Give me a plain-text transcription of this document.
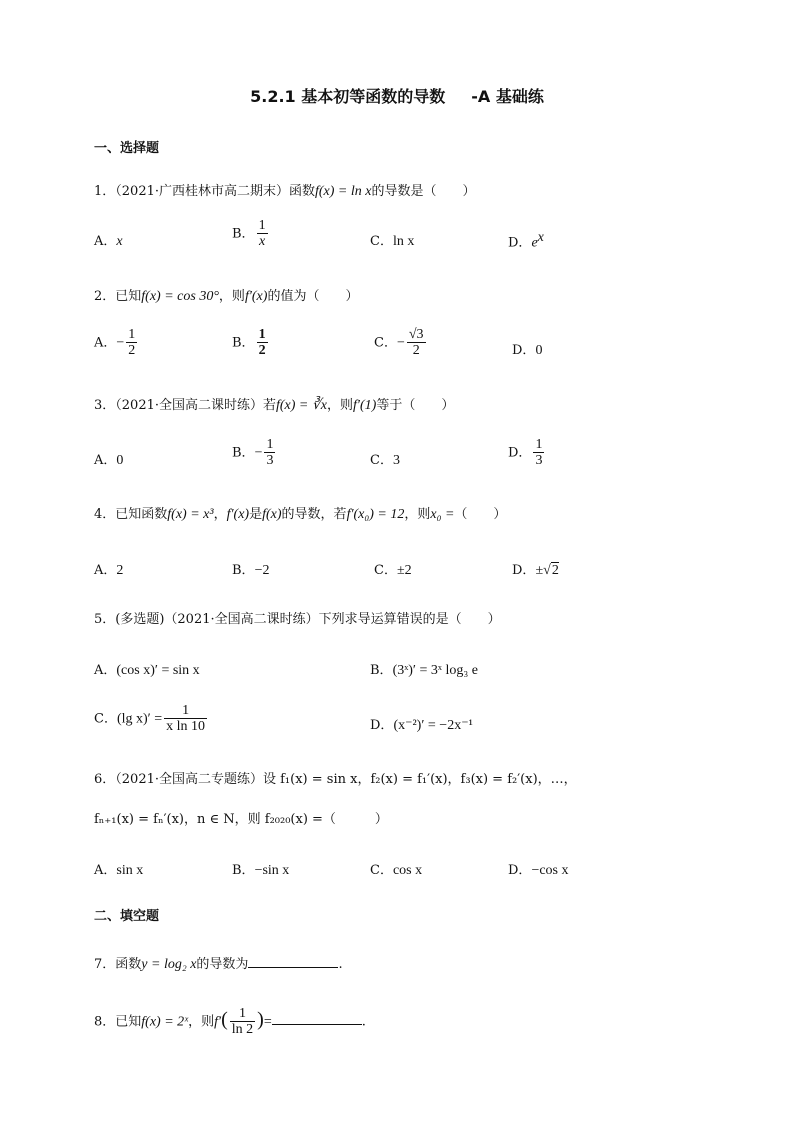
5.2.1 基本初等函数的导数 -A 基础练
一、选择题
1．（2021·广西桂林市高二期末）函数f(x) = ln x的导数是（　　）
A．x
B． $\frac{1}{x}$	C．ln x	D．$e^x$
2．已知f(x) = cos 30°，则f′(x)的值为（　　）
A．− $\frac{1}{2}$	B． $\frac{1}{2}$	C．− $\frac{√3}{2}$	D．0
3．（2021·全国高二课时练）若f(x) = ∛x，则f′(1)等于（　　）
A．0
B．− $\frac{1}{3}$	C．3
D． $\frac{1}{3}$
4．已知函数f(x) = x³，f′(x)是f(x)的导数，若f′(x₀) = 12，则x₀ =（　　）
A．2	B．−2	C．±2	D．±√2
5．(多选题)（2021·全国高二课时练）下列求导运算错误的是（　　）
A．(cos x)′ = sin x	B．(3ˣ)′ = 3ˣ log₃ e
C．(lg $x)' = \frac{1}{\text{x ln 10}}$	D．(x⁻²)′ = −2x⁻¹
6．（2021·全国高二专题练）设 f₁(x) = sin x，f₂(x) = f₁′(x)，f₃(x) = f₂′(x)，…，
fₙ₊₁(x) = fₙ′(x)，n ∈ N，则 f₂₀₂₀(x) =（　　　）
A．sin x	B．−sin x	C．cos x	D．−cos x
二、填空题
7．函数y = log₂ x的导数为	.
8．已知f(x) = 2ˣ，则$f'( \frac{1}{\ln 2}$ )=	.
